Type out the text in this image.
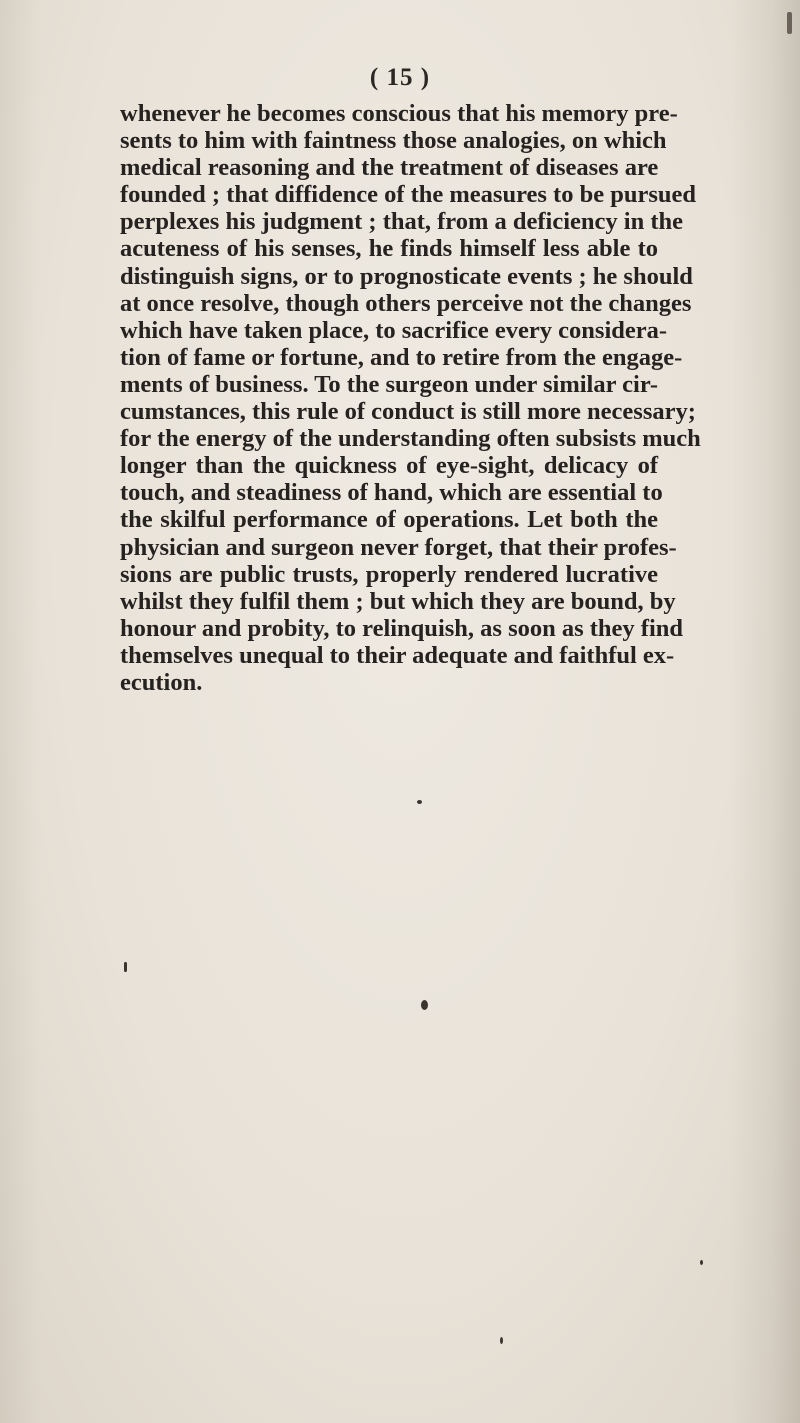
( 15 )
whenever he becomes conscious that his memory pre-
sents to him with faintness those analogies, on which
medical reasoning and the treatment of diseases are
founded ; that diffidence of the measures to be pursued
perplexes his judgment ; that, from a deficiency in the
acuteness of his senses, he finds himself less able to
distinguish signs, or to prognosticate events ; he should
at once resolve, though others perceive not the changes
which have taken place, to sacrifice every considera-
tion of fame or fortune, and to retire from the engage-
ments of business. To the surgeon under similar cir-
cumstances, this rule of conduct is still more necessary;
for the energy of the understanding often subsists much
longer than the quickness of eye-sight, delicacy of
touch, and steadiness of hand, which are essential to
the skilful performance of operations. Let both the
physician and surgeon never forget, that their profes-
sions are public trusts, properly rendered lucrative
whilst they fulfil them ; but which they are bound, by
honour and probity, to relinquish, as soon as they find
themselves unequal to their adequate and faithful ex-
ecution.
